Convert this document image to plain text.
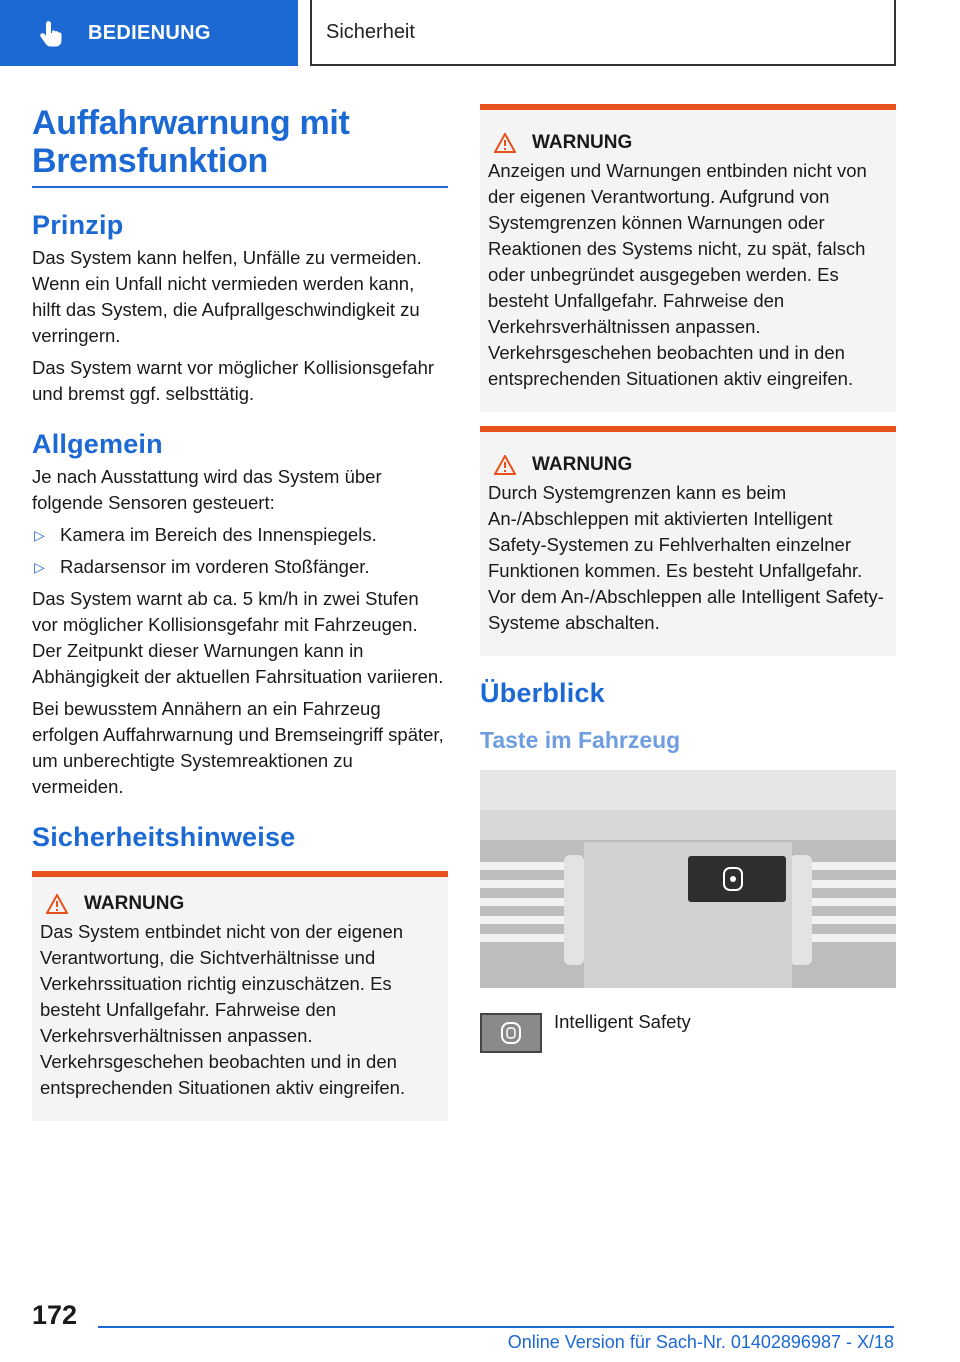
BEDIENUNG	Sicherheit
Auffahrwarnung mit Bremsfunktion
Prinzip

Das System kann helfen, Unfälle zu vermeiden. Wenn ein Unfall nicht vermieden werden kann, hilft das System, die Aufprallgeschwindigkeit zu verringern.

Das System warnt vor möglicher Kollisionsgefahr und bremst ggf. selbsttätig.

Allgemein

Je nach Ausstattung wird das System über folgende Sensoren gesteuert:

▷ Kamera im Bereich des Innenspiegels.
▷ Radarsensor im vorderen Stoßfänger.

Das System warnt ab ca. 5 km/h in zwei Stufen vor möglicher Kollisionsgefahr mit Fahrzeugen. Der Zeitpunkt dieser Warnungen kann in Abhängigkeit der aktuellen Fahrsituation variieren.

Bei bewusstem Annähern an ein Fahrzeug erfolgen Auffahrwarnung und Bremseingriff später, um unberechtigte Systemreaktionen zu vermeiden.

Sicherheitshinweise
WARNUNG

Das System entbindet nicht von der eigenen Verantwortung, die Sichtverhältnisse und Verkehrssituation richtig einzuschätzen. Es besteht Unfallgefahr. Fahrweise den Verkehrsverhältnissen anpassen. Verkehrsgeschehen beobachten und in den entsprechenden Situationen aktiv eingreifen.

WARNUNG

Anzeigen und Warnungen entbinden nicht von der eigenen Verantwortung. Aufgrund von Systemgrenzen können Warnungen oder Reaktionen des Systems nicht, zu spät, falsch oder unbegründet ausgegeben werden. Es besteht Unfallgefahr. Fahrweise den Verkehrsverhältnissen anpassen. Verkehrsgeschehen beobachten und in den entsprechenden Situationen aktiv eingreifen.

WARNUNG

Durch Systemgrenzen kann es beim An-/Abschleppen mit aktivierten Intelligent Safety-Systemen zu Fehlverhalten einzelner Funktionen kommen. Es besteht Unfallgefahr. Vor dem An-/Abschleppen alle Intelligent Safety-Systeme abschalten.

Überblick
Taste im Fahrzeug
Intelligent Safety
172
Online Version für Sach-Nr. 01402896987 - X/18
